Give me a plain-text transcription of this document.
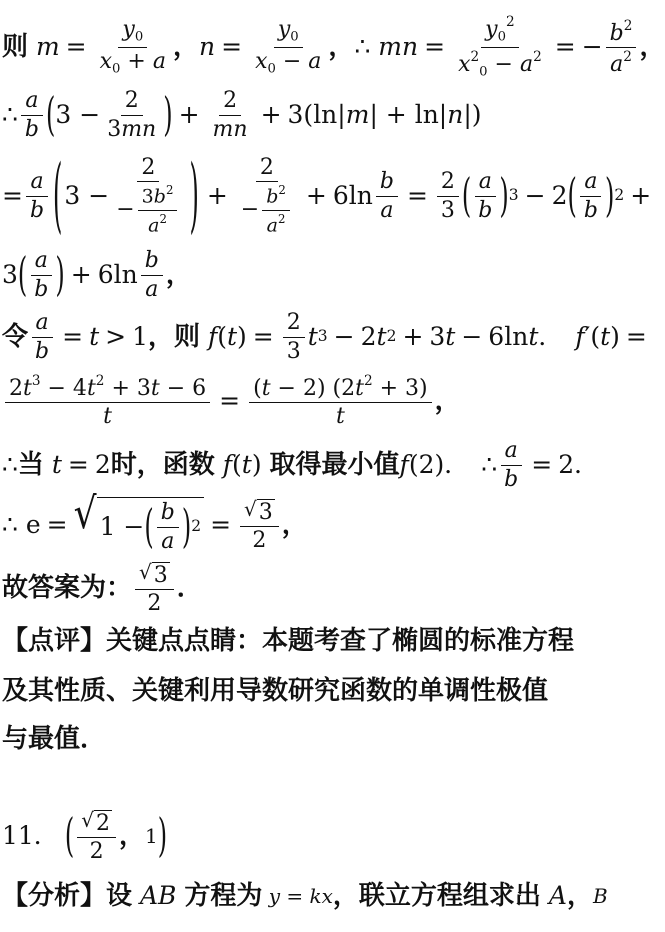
则 $m = \frac{y_0}{x_0 + a}$ ， $n = \frac{y_0}{x_0 - a}$ ， ∴ mn = $\frac{y_0^2}{x^2_0 - a^2}$ = − $\frac{b^2}{a^2}$ ，
∴ $\frac{a}{b}$ ( $3 - \frac{2}{3mn}$ ) + $\frac{2}{mn} + 3(\ln|$ m | + ln| n |)
= $\frac{a}{b}$ ( $3 - \frac{2}{- \frac{3b^2}{a^2}}$ ) + $\frac{2}{- \frac{b^2}{a^2}} + 6\ln \frac{b}{a} = \frac{2}{3}$ ( $\frac{a}{b}$ ) 3 − 2 ( $\frac{a}{b}$ ) 2 +
3 ( $\frac{a}{b}$ ) + $6\ln \frac{b}{a}$ ，
令 $\frac{a}{b} = t > 1$ ， 则 f ( t ) = $\frac{2}{3}$ t 3 − 2 t 2 + 3 t − 6ln t ． f ′( t ) =
$\frac{2t^3 - 4t^2 + 3t - 6}{t} = \frac{(t - 2) (2t^2 + 3)}{t}$ ，
∴ 当 t = 2 时， 函数 f ( t ) 取得最小值 f (2) ． ∴ $\frac{a}{b} = 2$ ．
∴ e = √ 1 − ( $\frac{b}{a}$ ) $2 = \frac{√ 3}{2}$ ，
故答案为： $\frac{√ 3}{2}$ ．
【点评】关键点点睛：本题考查了椭圆的标准方程
及其性质、关键利用导数研究函数的单调性极值
与最值．
11． ( $\frac{√ 2}{2}$ ， 1 )
【分析】设 AB 方程为 y = kx ，联立方程组求出 A ， B
